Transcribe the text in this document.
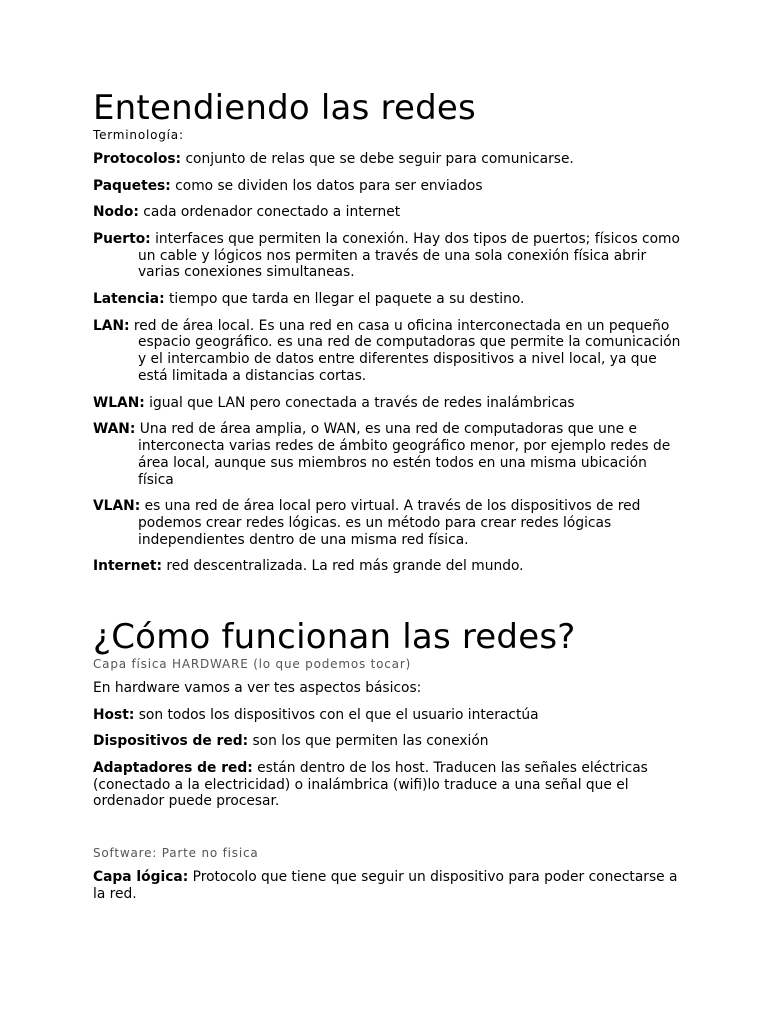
Entendiendo las redes
Terminología:

Protocolos: conjunto de relas que se debe seguir para comunicarse.

Paquetes: como se dividen los datos para ser enviados

Nodo: cada ordenador conectado a internet

Puerto: interfaces que permiten la conexión. Hay dos tipos de puertos; físicos como un cable y lógicos nos permiten a través de una sola conexión física abrir varias conexiones simultaneas.

Latencia: tiempo que tarda en llegar el paquete a su destino.

LAN: red de área local. Es una red en casa u oficina interconectada en un pequeño espacio geográfico. es una red de computadoras que permite la comunicación y el intercambio de datos entre diferentes dispositivos a nivel local, ya que está limitada a distancias cortas.

WLAN: igual que LAN pero conectada a través de redes inalámbricas

WAN: Una red de área amplia, o WAN, es una red de computadoras que une e interconecta varias redes de ámbito geográfico menor, por ejemplo redes de área local, aunque sus miembros no estén todos en una misma ubicación física

VLAN: es una red de área local pero virtual. A través de los dispositivos de red podemos crear redes lógicas. es un método para crear redes lógicas independientes dentro de una misma red física.

Internet: red descentralizada. La red más grande del mundo.

¿Cómo funcionan las redes?
Capa física HARDWARE (lo que podemos tocar)

En hardware vamos a ver tes aspectos básicos:

Host: son todos los dispositivos con el que el usuario interactúa

Dispositivos de red: son los que permiten las conexión

Adaptadores de red: están dentro de los host. Traducen las señales eléctricas (conectado a la electricidad) o inalámbrica (wifi)lo traduce a una señal que el ordenador puede procesar.

Software: Parte no fisica

Capa lógica: Protocolo que tiene que seguir un dispositivo para poder conectarse a la red.
